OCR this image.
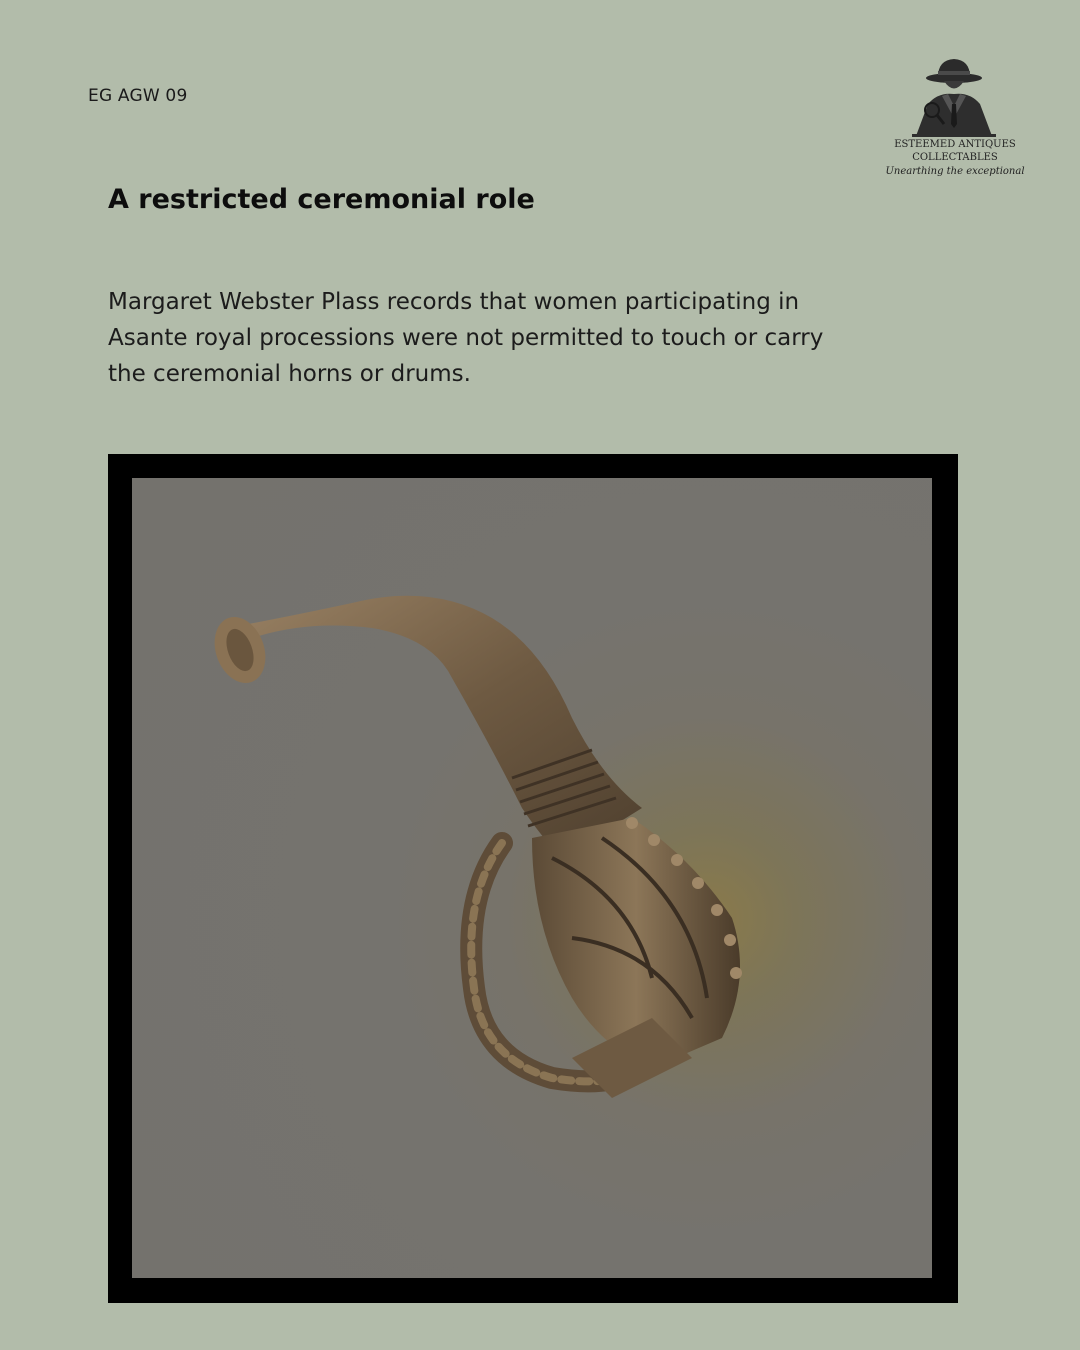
EG AGW 09
ESTEEMED ANTIQUES
COLLECTABLES
Unearthing the exceptional
A restricted ceremonial role
Margaret Webster Plass records that women participating in Asante royal processions were not permitted to touch or carry the ceremonial horns or drums.
